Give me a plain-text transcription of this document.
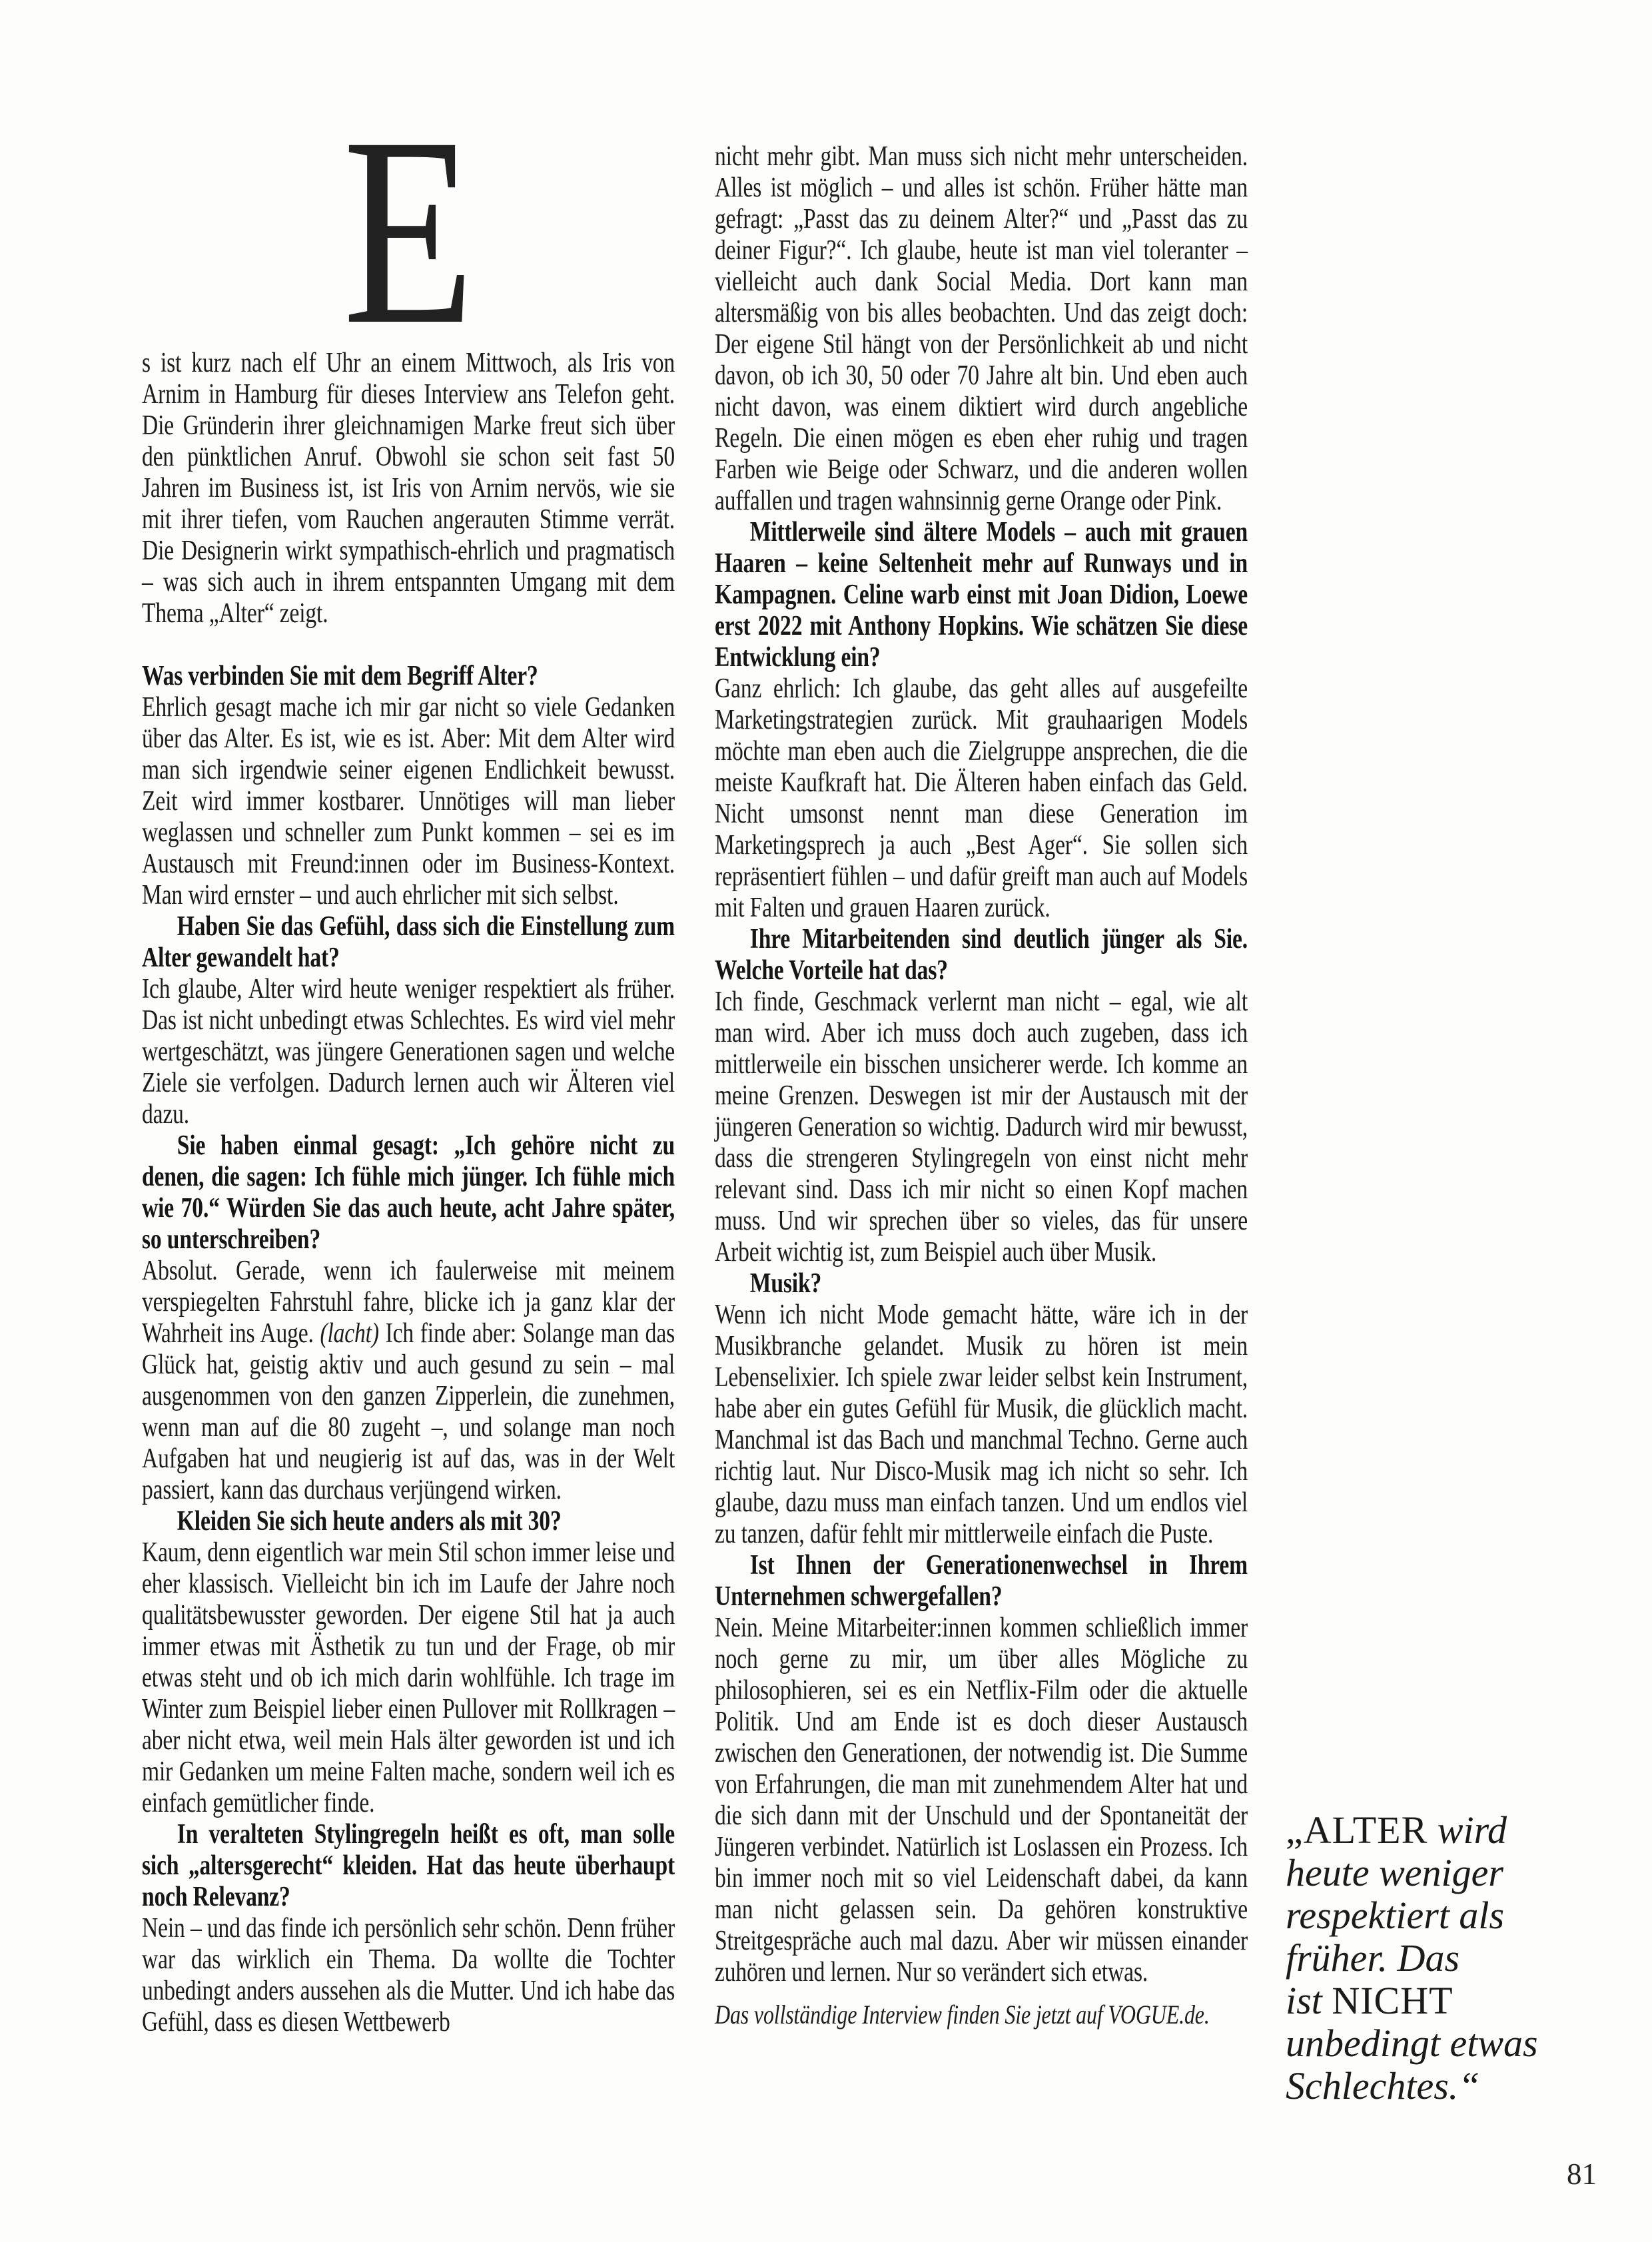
E

s ist kurz nach elf Uhr an einem Mittwoch, als Iris von Arnim in Hamburg für dieses Interview ans Telefon geht. Die Gründerin ihrer gleichnamigen Marke freut sich über den pünktlichen Anruf. Obwohl sie schon seit fast 50 Jahren im Business ist, ist Iris von Arnim nervös, wie sie mit ihrer tiefen, vom Rauchen angerauten Stimme verrät. Die Designerin wirkt sympathisch-ehrlich und pragmatisch – was sich auch in ihrem entspannten Umgang mit dem Thema „Alter“ zeigt.

Was verbinden Sie mit dem Begriff Alter?

Ehrlich gesagt mache ich mir gar nicht so viele Gedanken über das Alter. Es ist, wie es ist. Aber: Mit dem Alter wird man sich irgendwie seiner eigenen Endlichkeit bewusst. Zeit wird immer kostbarer. Unnötiges will man lieber weglassen und schneller zum Punkt kommen – sei es im Austausch mit Freund:innen oder im Business-Kontext. Man wird ernster – und auch ehrlicher mit sich selbst.

Haben Sie das Gefühl, dass sich die Einstellung zum Alter gewandelt hat?

Ich glaube, Alter wird heute weniger respektiert als früher. Das ist nicht unbedingt etwas Schlechtes. Es wird viel mehr wertgeschätzt, was jüngere Generationen sagen und welche Ziele sie verfolgen. Dadurch lernen auch wir Älteren viel dazu.

Sie haben einmal gesagt: „Ich gehöre nicht zu denen, die sagen: Ich fühle mich jünger. Ich fühle mich wie 70.“ Würden Sie das auch heute, acht Jahre später, so unterschreiben?

Absolut. Gerade, wenn ich faulerweise mit meinem verspiegelten Fahrstuhl fahre, blicke ich ja ganz klar der Wahrheit ins Auge. (lacht) Ich finde aber: Solange man das Glück hat, geistig aktiv und auch gesund zu sein – mal ausgenommen von den ganzen Zipperlein, die zunehmen, wenn man auf die 80 zugeht –, und solange man noch Aufgaben hat und neugierig ist auf das, was in der Welt passiert, kann das durchaus verjüngend wirken.

Kleiden Sie sich heute anders als mit 30?

Kaum, denn eigentlich war mein Stil schon immer leise und eher klassisch. Vielleicht bin ich im Laufe der Jahre noch qualitätsbewusster geworden. Der eigene Stil hat ja auch immer etwas mit Ästhetik zu tun und der Frage, ob mir etwas steht und ob ich mich darin wohlfühle. Ich trage im Winter zum Beispiel lieber einen Pullover mit Rollkragen – aber nicht etwa, weil mein Hals älter geworden ist und ich mir Gedanken um meine Falten mache, sondern weil ich es einfach gemütlicher finde.

In veralteten Stylingregeln heißt es oft, man solle sich „altersgerecht“ kleiden. Hat das heute überhaupt noch Relevanz?

Nein – und das finde ich persönlich sehr schön. Denn früher war das wirklich ein Thema. Da wollte die Tochter unbedingt anders aussehen als die Mutter. Und ich habe das Gefühl, dass es diesen Wettbewerb

nicht mehr gibt. Man muss sich nicht mehr unterscheiden. Alles ist möglich – und alles ist schön. Früher hätte man gefragt: „Passt das zu deinem Alter?“ und „Passt das zu deiner Figur?“. Ich glaube, heute ist man viel toleranter – vielleicht auch dank Social Media. Dort kann man altersmäßig von bis alles beobachten. Und das zeigt doch: Der eigene Stil hängt von der Persönlichkeit ab und nicht davon, ob ich 30, 50 oder 70 Jahre alt bin. Und eben auch nicht davon, was einem diktiert wird durch angebliche Regeln. Die einen mögen es eben eher ruhig und tragen Farben wie Beige oder Schwarz, und die anderen wollen auffallen und tragen wahnsinnig gerne Orange oder Pink.

Mittlerweile sind ältere Models – auch mit grauen Haaren – keine Seltenheit mehr auf Runways und in Kampagnen. Celine warb einst mit Joan Didion, Loewe erst 2022 mit Anthony Hopkins. Wie schätzen Sie diese Entwicklung ein?

Ganz ehrlich: Ich glaube, das geht alles auf ausgefeilte Marketingstrategien zurück. Mit grauhaarigen Models möchte man eben auch die Zielgruppe ansprechen, die die meiste Kaufkraft hat. Die Älteren haben einfach das Geld. Nicht umsonst nennt man diese Generation im Marketingsprech ja auch „Best Ager“. Sie sollen sich repräsentiert fühlen – und dafür greift man auch auf Models mit Falten und grauen Haaren zurück.

Ihre Mitarbeitenden sind deutlich jünger als Sie. Welche Vorteile hat das?

Ich finde, Geschmack verlernt man nicht – egal, wie alt man wird. Aber ich muss doch auch zugeben, dass ich mittlerweile ein bisschen unsicherer werde. Ich komme an meine Grenzen. Deswegen ist mir der Austausch mit der jüngeren Generation so wichtig. Dadurch wird mir bewusst, dass die strengeren Stylingregeln von einst nicht mehr relevant sind. Dass ich mir nicht so einen Kopf machen muss. Und wir sprechen über so vieles, das für unsere Arbeit wichtig ist, zum Beispiel auch über Musik.

Musik?

Wenn ich nicht Mode gemacht hätte, wäre ich in der Musikbranche gelandet. Musik zu hören ist mein Lebenselixier. Ich spiele zwar leider selbst kein Instrument, habe aber ein gutes Gefühl für Musik, die glücklich macht. Manchmal ist das Bach und manchmal Techno. Gerne auch richtig laut. Nur Disco-Musik mag ich nicht so sehr. Ich glaube, dazu muss man einfach tanzen. Und um endlos viel zu tanzen, dafür fehlt mir mittlerweile einfach die Puste.

Ist Ihnen der Generationenwechsel in Ihrem Unternehmen schwergefallen?

Nein. Meine Mitarbeiter:innen kommen schließlich immer noch gerne zu mir, um über alles Mögliche zu philosophieren, sei es ein Netflix-Film oder die aktuelle Politik. Und am Ende ist es doch dieser Austausch zwischen den Generationen, der notwendig ist. Die Summe von Erfahrungen, die man mit zunehmendem Alter hat und die sich dann mit der Unschuld und der Spontaneität der Jüngeren verbindet. Natürlich ist Loslassen ein Prozess. Ich bin immer noch mit so viel Leidenschaft dabei, da kann man nicht gelassen sein. Da gehören konstruktive Streitgespräche auch mal dazu. Aber wir müssen einander zuhören und lernen. Nur so verändert sich etwas.

Das vollständige Interview finden Sie jetzt auf VOGUE.de.

„ALTER wird
heute weniger
respektiert als
früher. Das
ist NICHT
unbedingt etwas
Schlechtes.“
81
